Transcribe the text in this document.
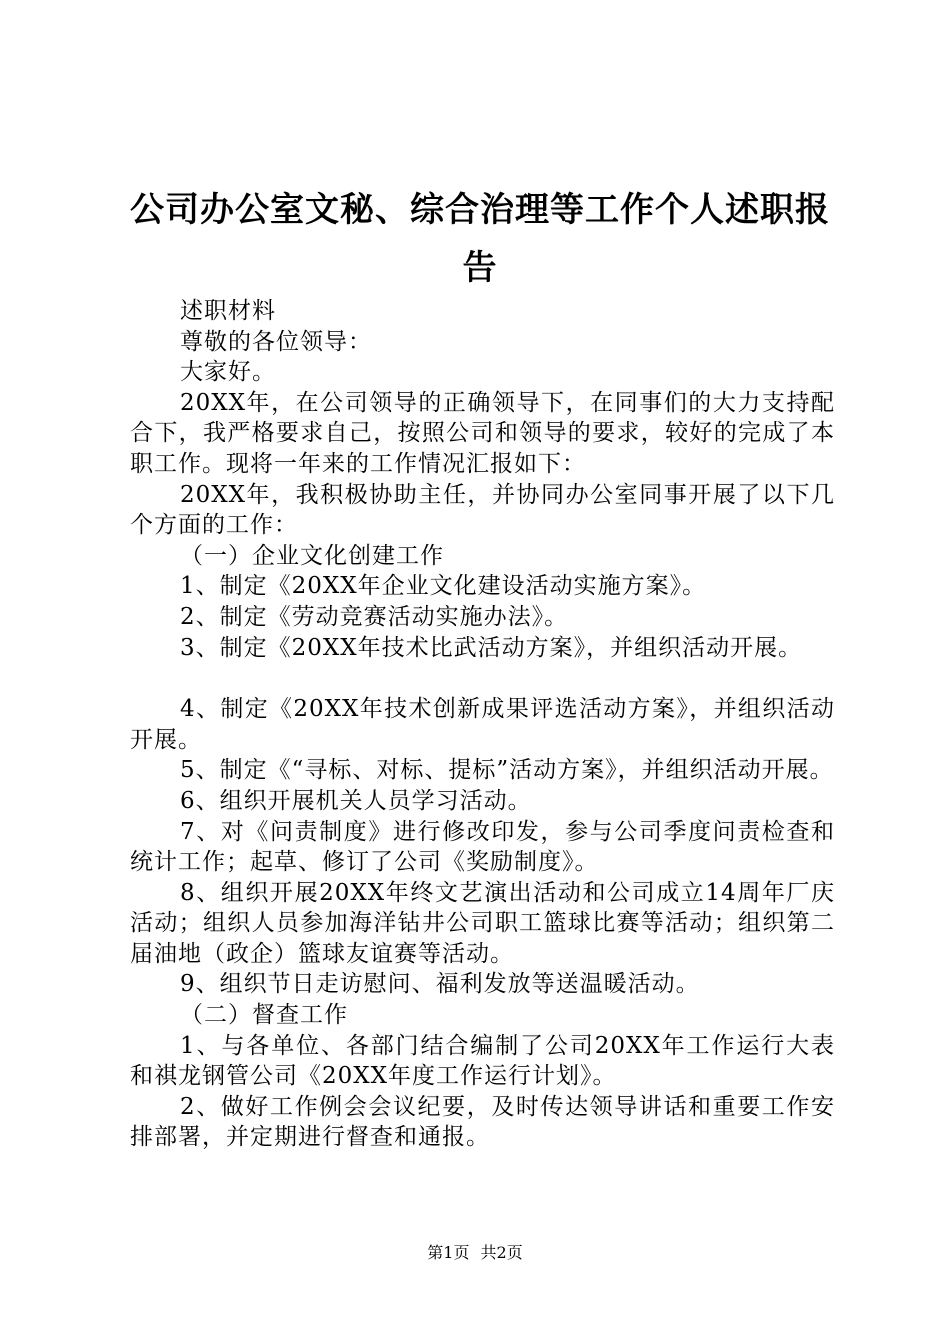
公司办公室文秘、综合治理等工作个人述职报
告

述职材料

尊敬的各位领导：

大家好。

20XX年，在公司领导的正确领导下，在同事们的大力支持配合下，我严格要求自己，按照公司和领导的要求，较好的完成了本职工作。现将一年来的工作情况汇报如下：

20XX年，我积极协助主任，并协同办公室同事开展了以下几个方面的工作：

（一）企业文化创建工作

1、制定《20XX年企业文化建设活动实施方案》。

2、制定《劳动竞赛活动实施办法》。

3、制定《20XX年技术比武活动方案》，并组织活动开展。

4、制定《20XX年技术创新成果评选活动方案》，并组织活动开展。

5、制定《“寻标、对标、提标”活动方案》，并组织活动开展。

6、组织开展机关人员学习活动。

7、对《问责制度》进行修改印发，参与公司季度问责检查和统计工作；起草、修订了公司《奖励制度》。

8、组织开展20XX年终文艺演出活动和公司成立14周年厂庆活动；组织人员参加海洋钻井公司职工篮球比赛等活动；组织第二届油地（政企）篮球友谊赛等活动。

9、组织节日走访慰问、福利发放等送温暖活动。

（二）督查工作

1、与各单位、各部门结合编制了公司20XX年工作运行大表和祺龙钢管公司《20XX年度工作运行计划》。

2、做好工作例会会议纪要，及时传达领导讲话和重要工作安排部署，并定期进行督查和通报。

第1页 共2页
